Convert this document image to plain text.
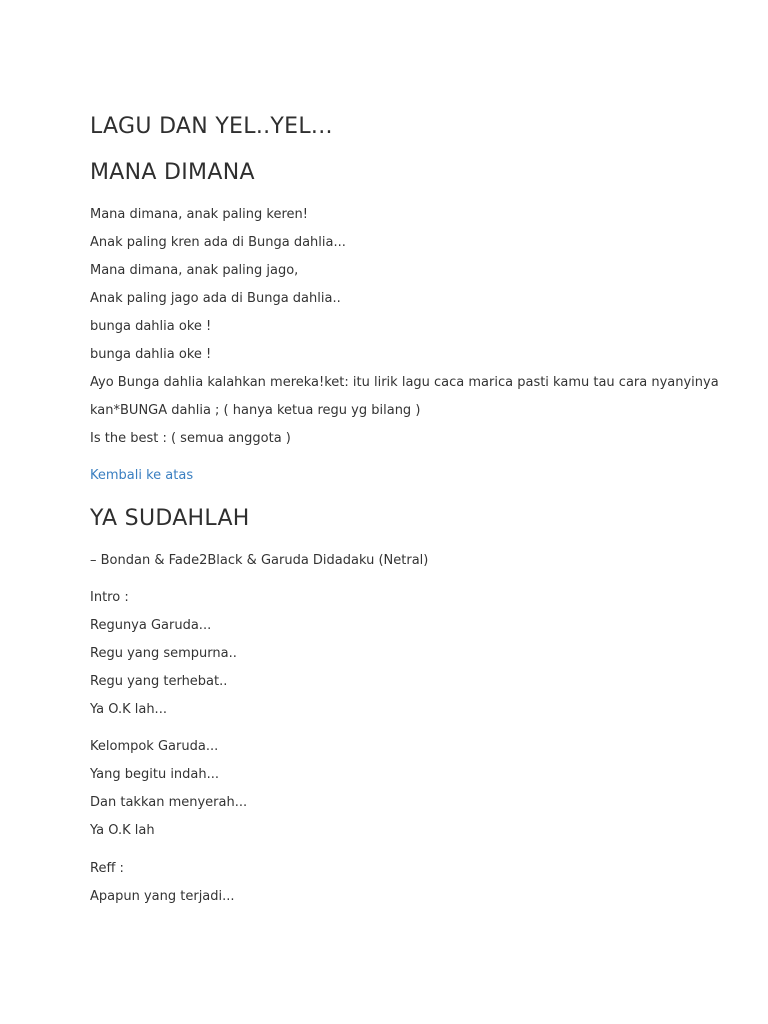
LAGU DAN YEL..YEL...
MANA DIMANA
Mana dimana, anak paling keren!
Anak paling kren ada di Bunga dahlia...
Mana dimana, anak paling jago,
Anak paling jago ada di Bunga dahlia..
bunga dahlia oke !
bunga dahlia oke !
Ayo Bunga dahlia kalahkan mereka!ket: itu lirik lagu caca marica pasti kamu tau cara nyanyinya
kan*BUNGA dahlia ; ( hanya ketua regu yg bilang )
Is the best : ( semua anggota )
Kembali ke atas
YA SUDAHLAH
– Bondan & Fade2Black & Garuda Didadaku (Netral)
Intro :
Regunya Garuda...
Regu yang sempurna..
Regu yang terhebat..
Ya O.K lah...
Kelompok Garuda...
Yang begitu indah...
Dan takkan menyerah...
Ya O.K lah
Reff :
Apapun yang terjadi...
